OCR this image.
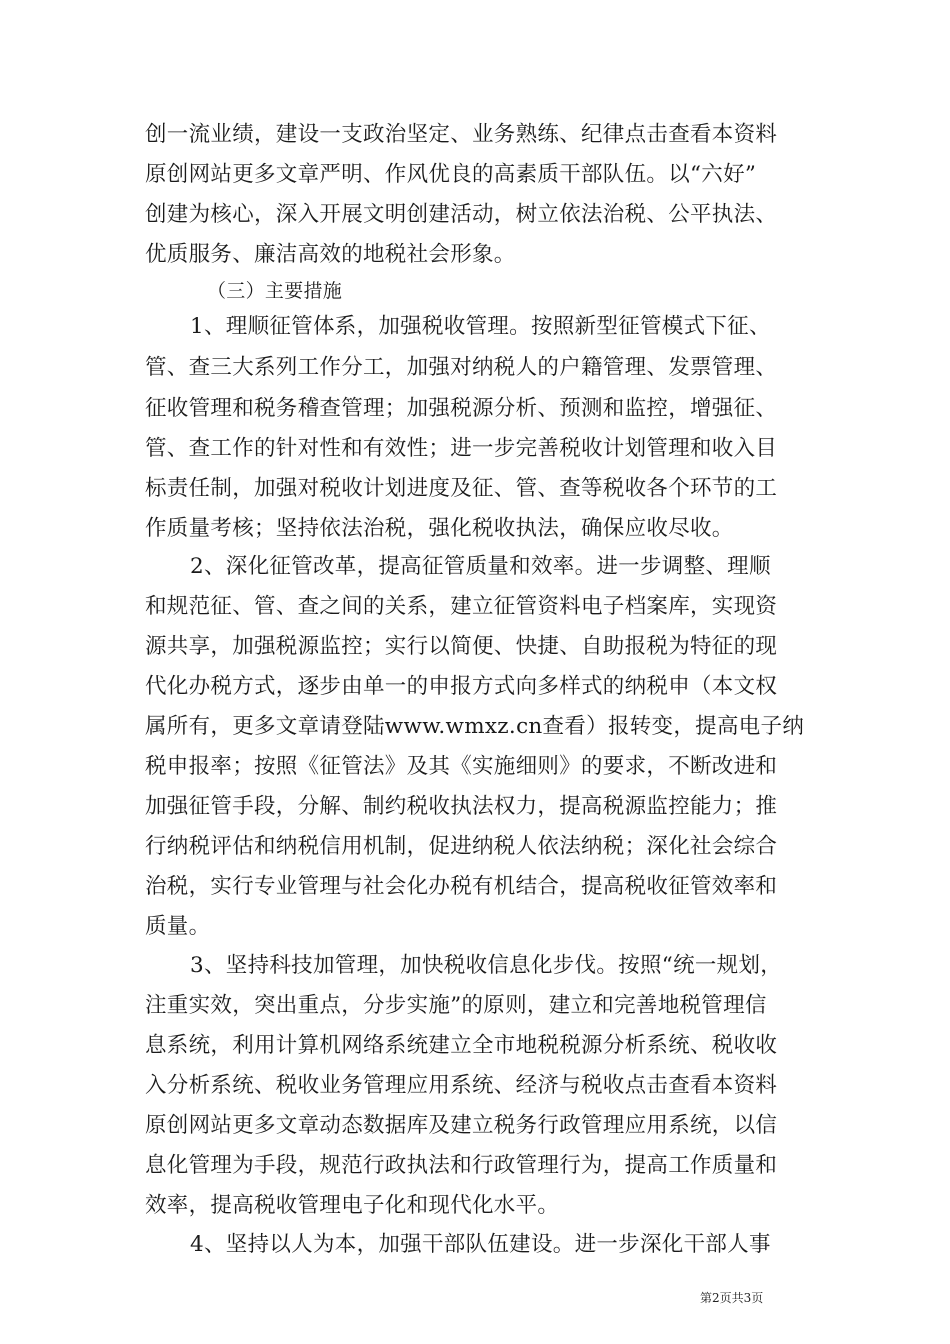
创一流业绩，建设一支政治坚定、业务熟练、纪律点击查看本资料
原创网站更多文章严明、作风优良的高素质干部队伍。以“六好”
创建为核心，深入开展文明创建活动，树立依法治税、公平执法、
优质服务、廉洁高效的地税社会形象。
（三）主要措施
1、理顺征管体系，加强税收管理。按照新型征管模式下征、
管、查三大系列工作分工，加强对纳税人的户籍管理、发票管理、
征收管理和税务稽查管理；加强税源分析、预测和监控，增强征、
管、查工作的针对性和有效性；进一步完善税收计划管理和收入目
标责任制，加强对税收计划进度及征、管、查等税收各个环节的工
作质量考核；坚持依法治税，强化税收执法，确保应收尽收。
2、深化征管改革，提高征管质量和效率。进一步调整、理顺
和规范征、管、查之间的关系，建立征管资料电子档案库，实现资
源共享，加强税源监控；实行以简便、快捷、自助报税为特征的现
代化办税方式，逐步由单一的申报方式向多样式的纳税申（本文权
属所有，更多文章请登陆www.wmxz.cn查看）报转变，提高电子纳
税申报率；按照《征管法》及其《实施细则》的要求，不断改进和
加强征管手段，分解、制约税收执法权力，提高税源监控能力；推
行纳税评估和纳税信用机制，促进纳税人依法纳税；深化社会综合
治税，实行专业管理与社会化办税有机结合，提高税收征管效率和
质量。
3、坚持科技加管理，加快税收信息化步伐。按照“统一规划，
注重实效，突出重点，分步实施”的原则，建立和完善地税管理信
息系统，利用计算机网络系统建立全市地税税源分析系统、税收收
入分析系统、税收业务管理应用系统、经济与税收点击查看本资料
原创网站更多文章动态数据库及建立税务行政管理应用系统，以信
息化管理为手段，规范行政执法和行政管理行为，提高工作质量和
效率，提高税收管理电子化和现代化水平。
4、坚持以人为本，加强干部队伍建设。进一步深化干部人事
第2页共3页
